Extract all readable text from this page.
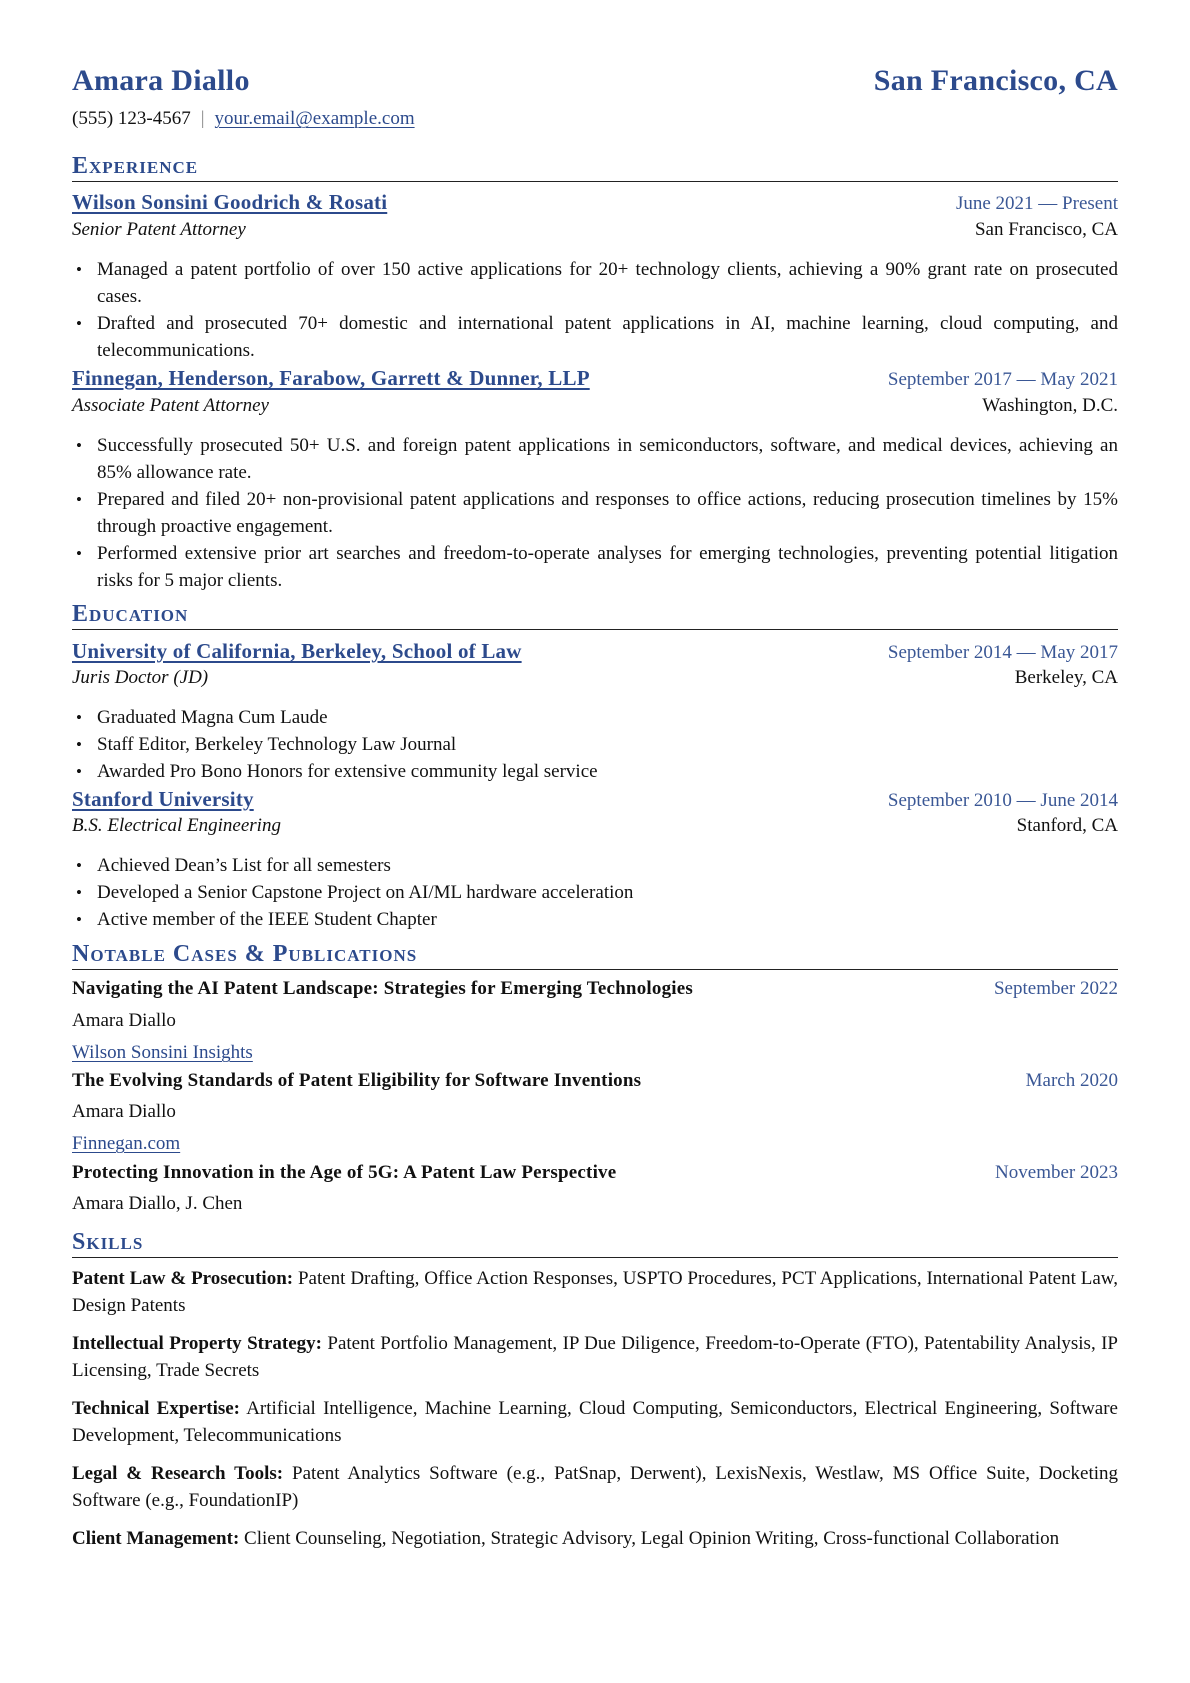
Amara Diallo	San Francisco, CA
(555) 123-4567 | your.email@example.com
Experience
Wilson Sonsini Goodrich & Rosati	June 2021 — Present
Senior Patent Attorney	San Francisco, CA
• Managed a patent portfolio of over 150 active applications for 20+ technology clients, achieving a 90% grant rate on prosecuted cases.
• Drafted and prosecuted 70+ domestic and international patent applications in AI, machine learning, cloud computing, and telecommunications.
Finnegan, Henderson, Farabow, Garrett & Dunner, LLP	September 2017 — May 2021
Associate Patent Attorney	Washington, D.C.
• Successfully prosecuted 50+ U.S. and foreign patent applications in semiconductors, software, and medical devices, achieving an 85% allowance rate.
• Prepared and filed 20+ non-provisional patent applications and responses to office actions, reducing prosecution timelines by 15% through proactive engagement.
• Performed extensive prior art searches and freedom-to-operate analyses for emerging technologies, preventing potential litigation risks for 5 major clients.
Education
University of California, Berkeley, School of Law	September 2014 — May 2017
Juris Doctor (JD)	Berkeley, CA
• Graduated Magna Cum Laude
• Staff Editor, Berkeley Technology Law Journal
• Awarded Pro Bono Honors for extensive community legal service
Stanford University	September 2010 — June 2014
B.S. Electrical Engineering	Stanford, CA
• Achieved Dean’s List for all semesters
• Developed a Senior Capstone Project on AI/ML hardware acceleration
• Active member of the IEEE Student Chapter
Notable Cases & Publications
Navigating the AI Patent Landscape: Strategies for Emerging Technologies	September 2022
Amara Diallo
Wilson Sonsini Insights
The Evolving Standards of Patent Eligibility for Software Inventions	March 2020
Amara Diallo
Finnegan.com
Protecting Innovation in the Age of 5G: A Patent Law Perspective	November 2023
Amara Diallo, J. Chen
Skills
Patent Law & Prosecution: Patent Drafting, Office Action Responses, USPTO Procedures, PCT Applications, International Patent Law, Design Patents
Intellectual Property Strategy: Patent Portfolio Management, IP Due Diligence, Freedom-to-Operate (FTO), Patentability Analysis, IP Licensing, Trade Secrets
Technical Expertise: Artificial Intelligence, Machine Learning, Cloud Computing, Semiconductors, Electrical Engineering, Software Development, Telecommunications
Legal & Research Tools: Patent Analytics Software (e.g., PatSnap, Derwent), LexisNexis, Westlaw, MS Office Suite, Docketing Software (e.g., FoundationIP)
Client Management: Client Counseling, Negotiation, Strategic Advisory, Legal Opinion Writing, Cross-functional Collaboration
